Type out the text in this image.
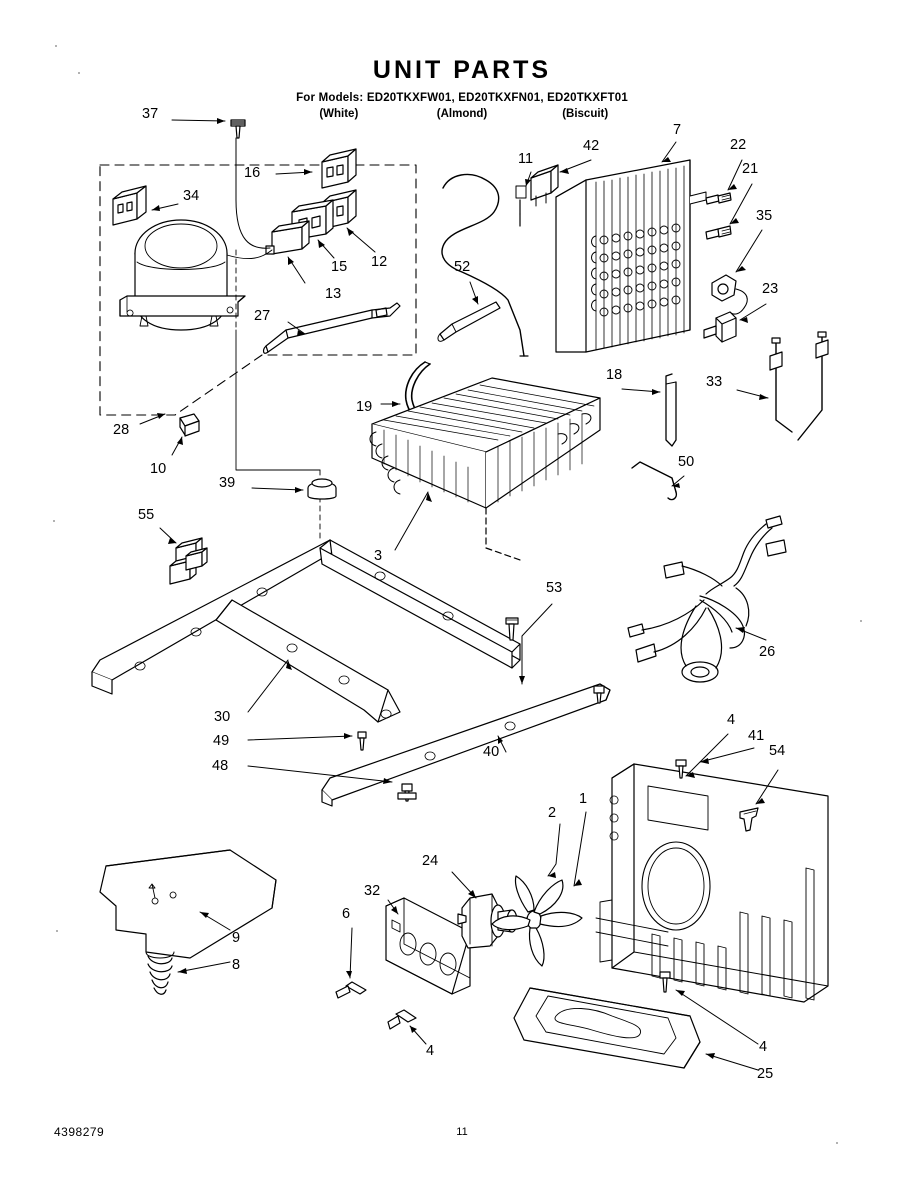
UNIT PARTS
For Models: ED20TKXFW01, ED20TKXFN01, ED20TKXFT01
(White)	(Almond)	(Biscuit)
37
34
16
11
42
7
22
21
35
15 12
13
52
23
27
33
18
19
28
10
39
50
55
3
53
26
30
49
48
40
4
41
54
2
1
24
32
6
9
8
4	4
25
4398279	11
